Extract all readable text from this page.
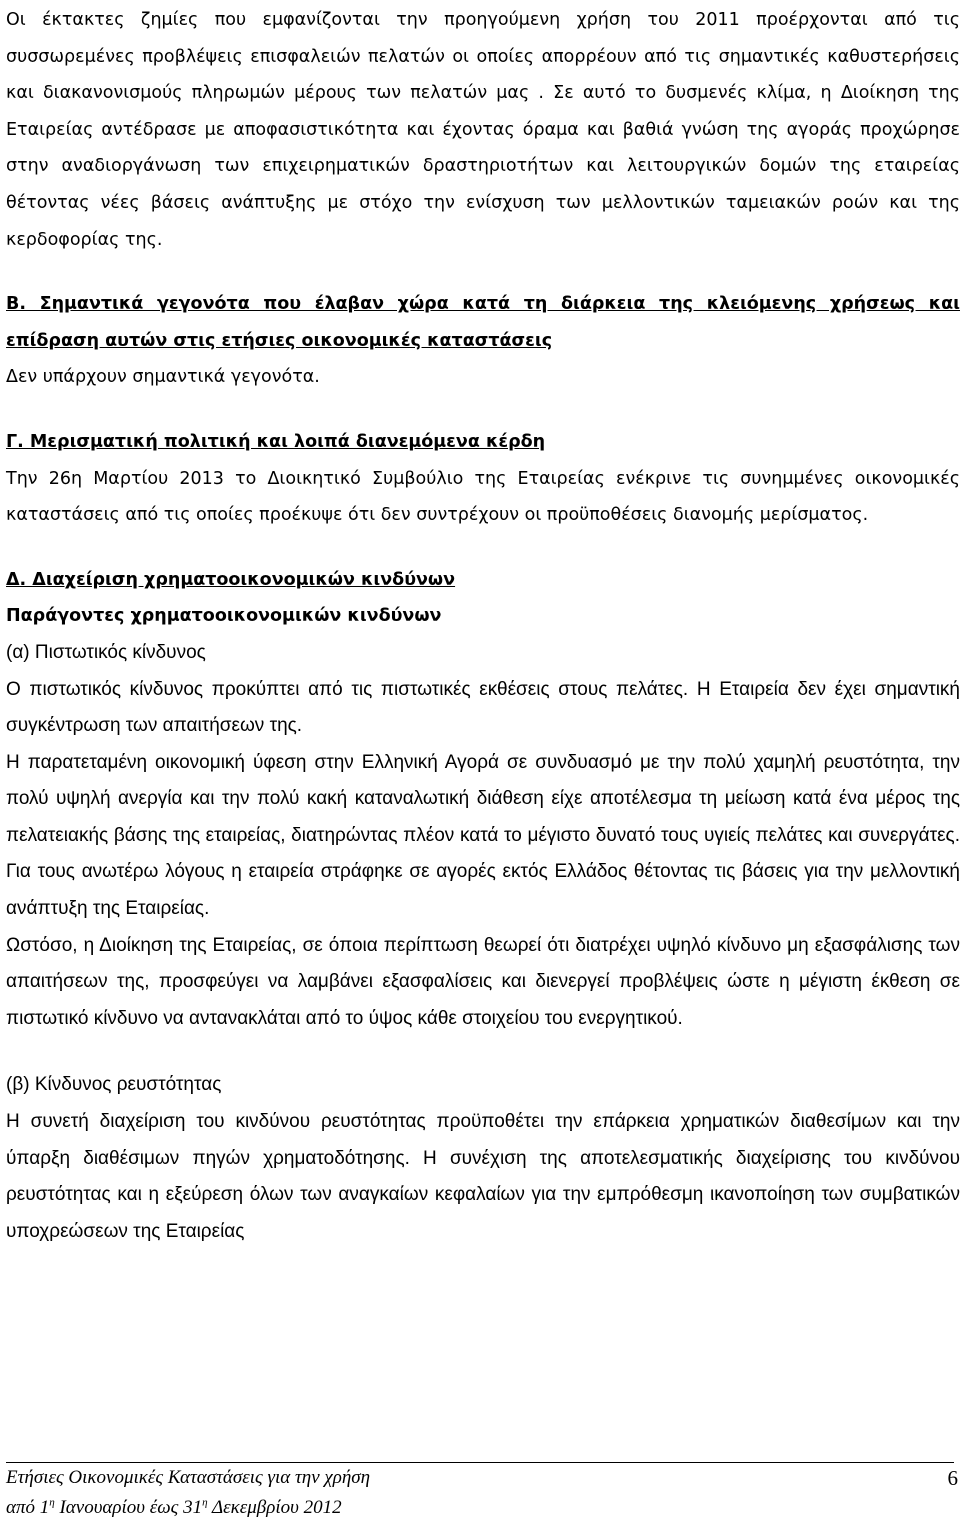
Οι έκτακτες ζημίες που εμφανίζονται την προηγούμενη χρήση του 2011 προέρχονται από τις συσσωρεμένες προβλέψεις επισφαλειών πελατών οι οποίες απορρέουν από τις σημαντικές καθυστερήσεις και διακανονισμούς πληρωμών μέρους των πελατών μας . Σε αυτό το δυσμενές κλίμα, η Διοίκηση της Εταιρείας αντέδρασε με αποφασιστικότητα και έχοντας όραμα και βαθιά γνώση της αγοράς προχώρησε στην αναδιοργάνωση των επιχειρηματικών δραστηριοτήτων και λειτουργικών δομών της εταιρείας θέτοντας νέες βάσεις ανάπτυξης με στόχο την ενίσχυση των μελλοντικών ταμειακών ροών και της κερδοφορίας της.

Β. Σημαντικά γεγονότα που έλαβαν χώρα κατά τη διάρκεια της κλειόμενης χρήσεως και επίδραση αυτών στις ετήσιες οικονομικές καταστάσεις

Δεν υπάρχουν σημαντικά γεγονότα.

Γ. Μερισματική πολιτική και λοιπά διανεμόμενα κέρδη

Την 26η Μαρτίου 2013 το Διοικητικό Συμβούλιο της Εταιρείας ενέκρινε τις συνημμένες οικονομικές καταστάσεις από τις οποίες προέκυψε ότι δεν συντρέχουν οι προϋποθέσεις διανομής μερίσματος.

Δ. Διαχείριση χρηματοοικονομικών κινδύνων

Παράγοντες χρηματοοικονομικών κινδύνων

(α) Πιστωτικός κίνδυνος

Ο πιστωτικός κίνδυνος προκύπτει από τις πιστωτικές εκθέσεις στους πελάτες. Η Εταιρεία δεν έχει σημαντική συγκέντρωση των απαιτήσεων της.

Η παρατεταμένη οικονομική ύφεση στην Ελληνική Αγορά σε συνδυασμό με την πολύ χαμηλή ρευστότητα, την πολύ υψηλή ανεργία και την πολύ κακή καταναλωτική διάθεση είχε αποτέλεσμα τη μείωση κατά ένα μέρος της πελατειακής βάσης της εταιρείας, διατηρώντας πλέον κατά το μέγιστο δυνατό τους υγιείς πελάτες και συνεργάτες. Για τους ανωτέρω λόγους η εταιρεία στράφηκε σε αγορές εκτός Ελλάδος θέτοντας τις βάσεις για την μελλοντική ανάπτυξη της Εταιρείας.

Ωστόσο, η Διοίκηση της Εταιρείας, σε όποια περίπτωση θεωρεί ότι διατρέχει υψηλό κίνδυνο μη εξασφάλισης των απαιτήσεων της, προσφεύγει να λαμβάνει εξασφαλίσεις και διενεργεί προβλέψεις ώστε η μέγιστη έκθεση σε πιστωτικό κίνδυνο να αντανακλάται από το ύψος κάθε στοιχείου του ενεργητικού.

(β) Κίνδυνος ρευστότητας

Η συνετή διαχείριση του κινδύνου ρευστότητας προϋποθέτει την επάρκεια χρηματικών διαθεσίμων και την ύπαρξη διαθέσιμων πηγών χρηματοδότησης. Η συνέχιση της αποτελεσματικής διαχείρισης του κινδύνου ρευστότητας και η εξεύρεση όλων των αναγκαίων κεφαλαίων για την εμπρόθεσμη ικανοποίηση των συμβατικών υποχρεώσεων της Εταιρείας

Ετήσιες Οικονομικές Καταστάσεις για την χρήση
από $1^\eta$ Ιανουαρίου έως $31^\eta$ Δεκεμβρίου 2012
6
